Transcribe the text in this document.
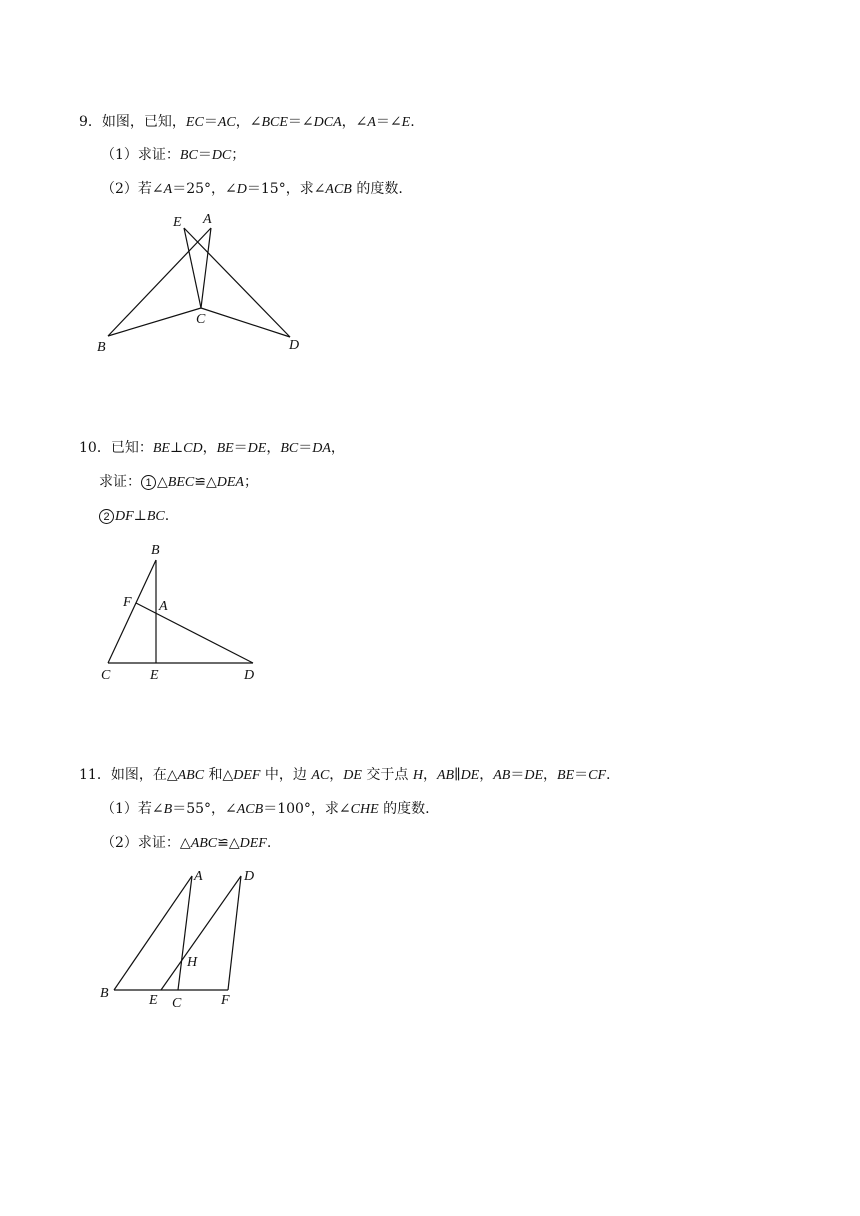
9．如图，已知，EC＝AC，∠BCE＝∠DCA，∠A＝∠E.
（1）求证：BC＝DC；
（2）若∠A＝25°，∠D＝15°，求∠ACB 的度数.
E A
C
B	D
10．已知：BE⊥CD，BE＝DE，BC＝DA，
求证： 1 △BEC≌△DEA；
2 DF⊥BC.
B
F A
C	E	D
11．如图，在△ABC 和△DEF 中，边 AC，DE 交于点 H，AB∥DE，AB＝DE，BE＝CF.
（1）若∠B＝55°，∠ACB＝100°，求∠CHE 的度数.
（2）求证：△ABC≌△DEF.
A	D
H
B	E C	F
